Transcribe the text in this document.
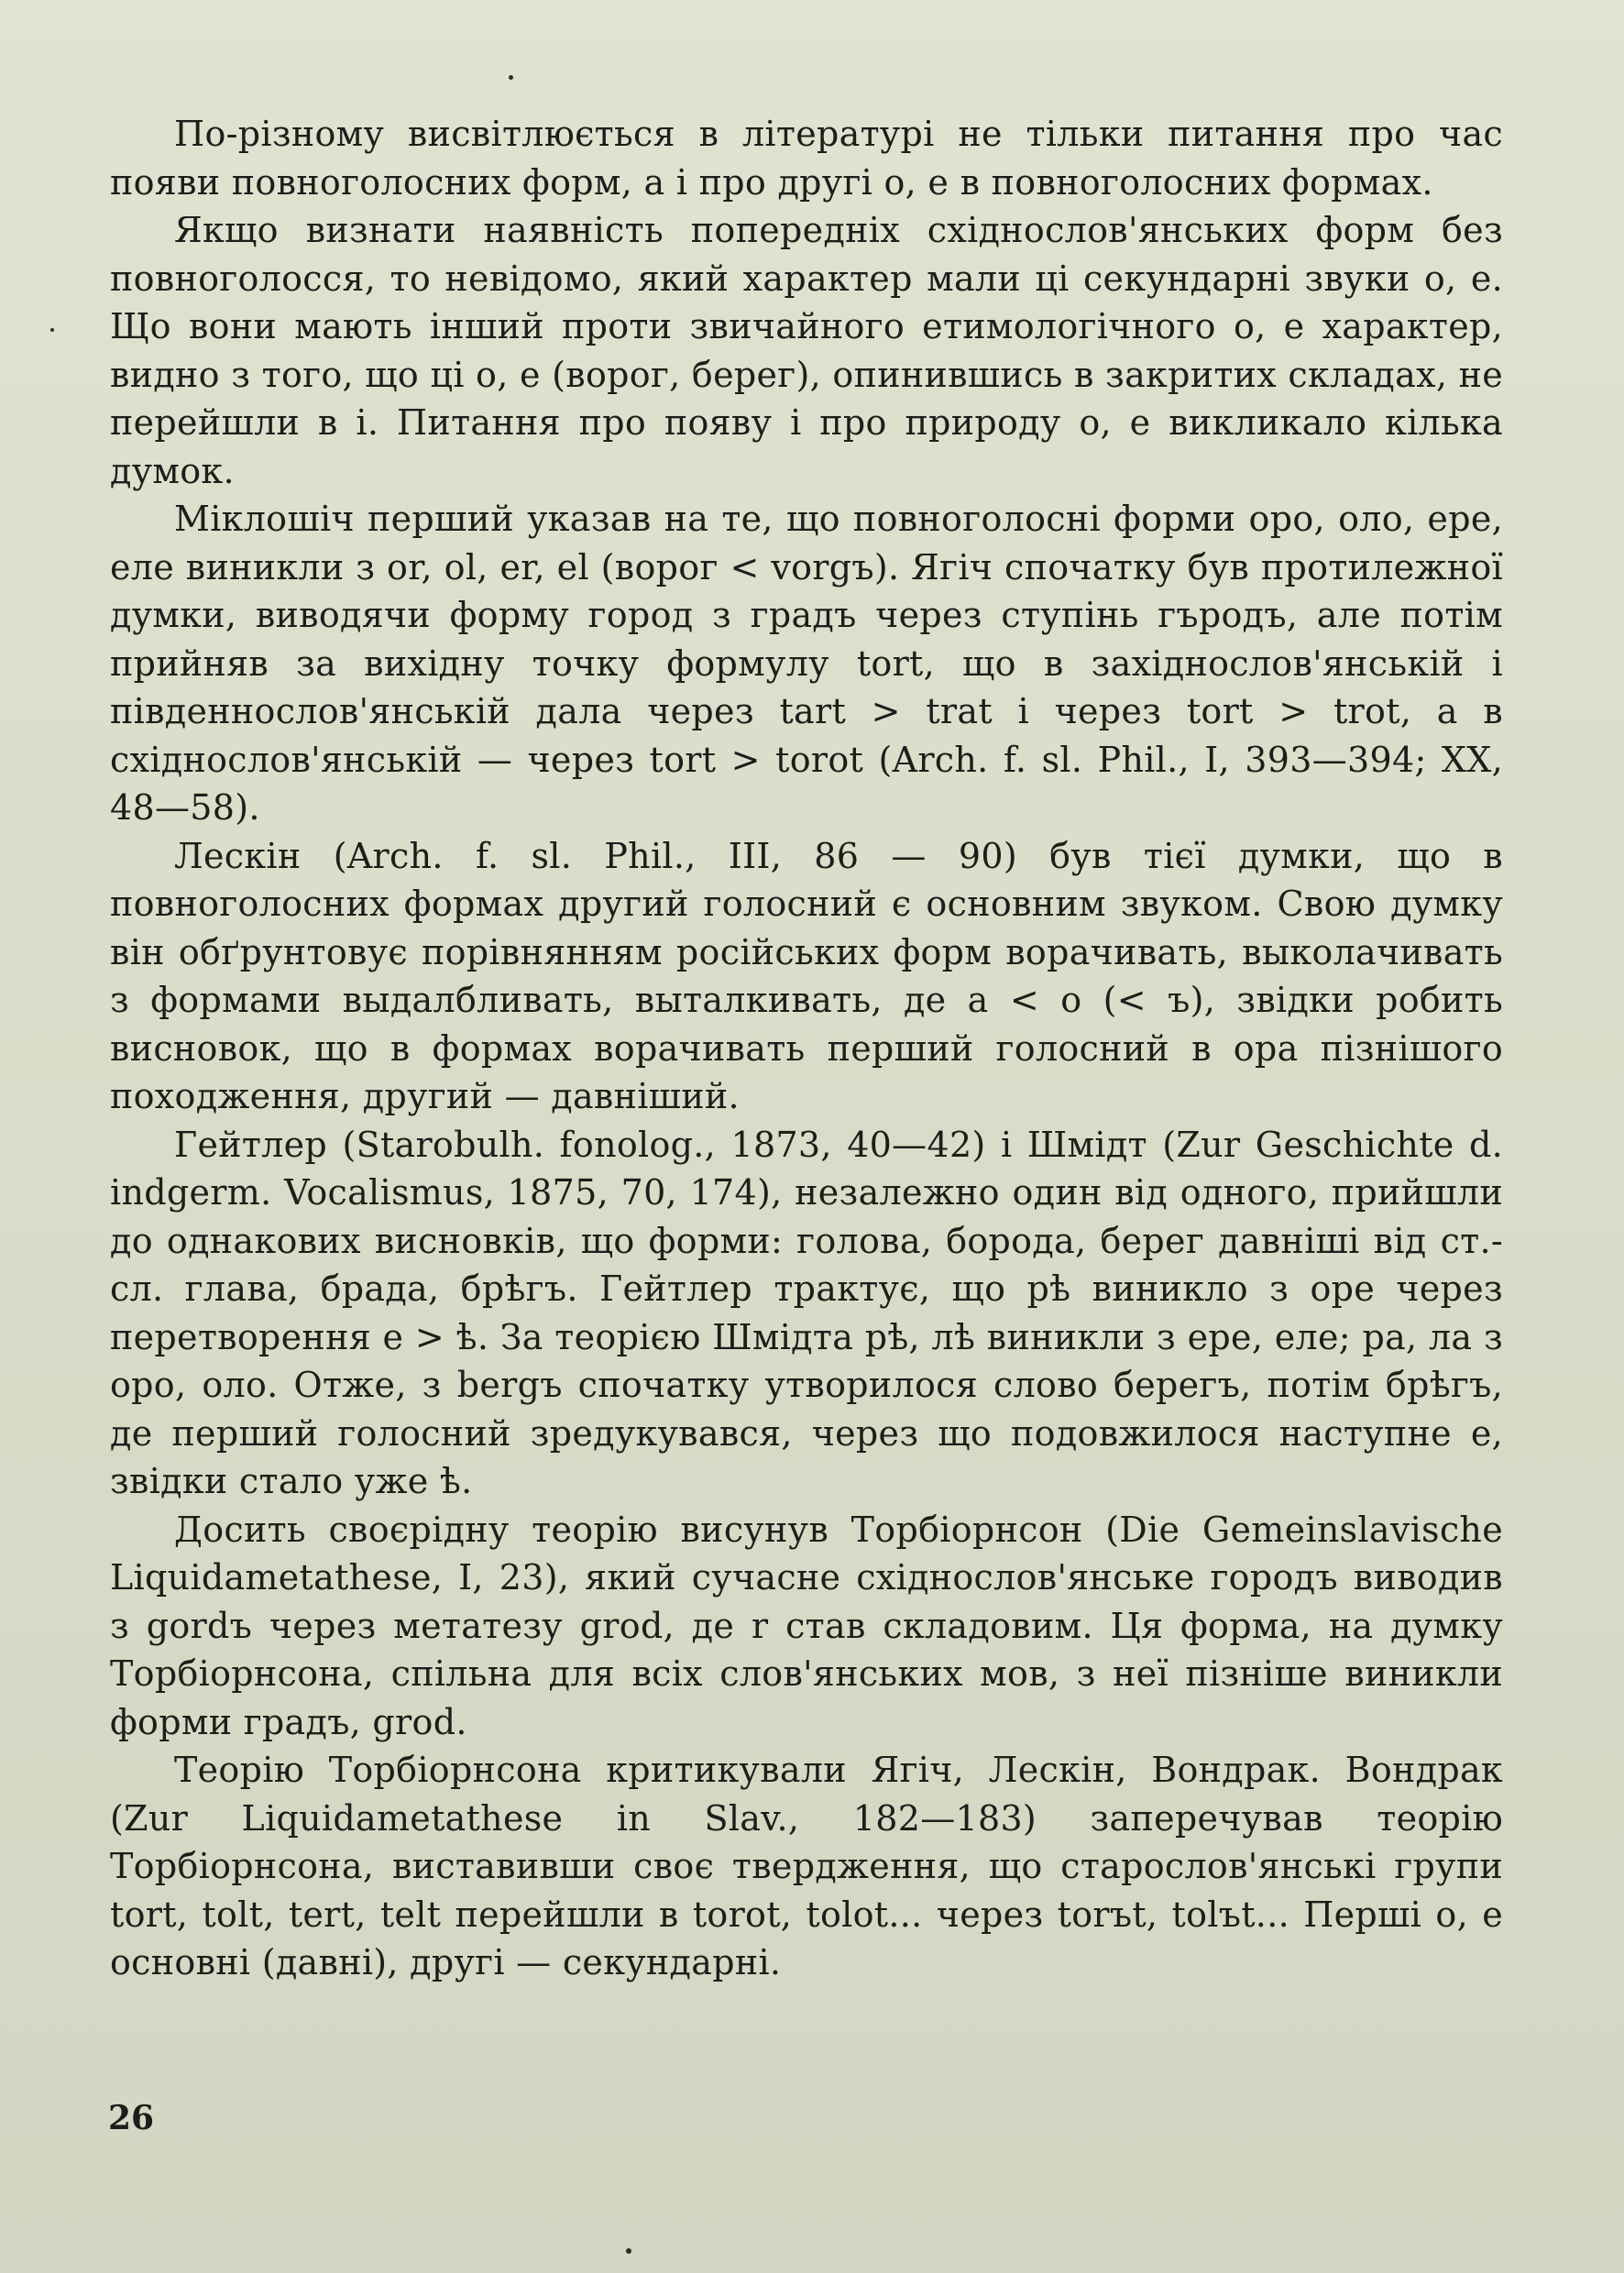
По-різному висвітлюється в літературі не тільки питання про час появи повноголосних форм, а і про другі о, е в повноголосних формах.

Якщо визнати наявність попередніх східнослов'янських форм без повноголосся, то невідомо, який характер мали ці секундарні звуки о, е. Що вони мають інший проти звичайного етимологічного о, е характер, видно з того, що ці о, е (ворог, берег), опинившись в закритих складах, не перейшли в і. Питання про появу і про природу о, е викликало кілька думок.

Міклошіч перший указав на те, що повноголосні форми оро, оло, ере, еле виникли з or, ol, er, el (ворог < vorgъ). Ягіч спочатку був протилежної думки, виводячи форму город з градъ через ступінь гъродъ, але потім прийняв за вихідну точку формулу tort, що в західнослов'янській і південнослов'янській дала через tart > trat і через tort > trot, а в східнослов'янській — через tort > torot (Arch. f. sl. Phil., I, 393—394; XX, 48—58).

Лескін (Arch. f. sl. Phil., III, 86 — 90) був тієї думки, що в повноголосних формах другий голосний є основним звуком. Свою думку він обґрунтовує порівнянням російських форм ворачивать, выколачивать з формами выдалбливать, выталкивать, де а < о (< ъ), звідки робить висновок, що в формах ворачивать перший голосний в ора пізнішого походження, другий — давніший.

Гейтлер (Starobulh. fonolog., 1873, 40—42) і Шмідт (Zur Geschichte d. indgerm. Vocalismus, 1875, 70, 174), незалежно один від одного, прийшли до однакових висновків, що форми: голова, борода, берег давніші від ст.-сл. глава, брада, брѣгъ. Гейтлер трактує, що рѣ виникло з оре через перетворення е > ѣ. За теорією Шмідта рѣ, лѣ виникли з ере, еле; ра, ла з оро, оло. Отже, з bergъ спочатку утворилося слово берегъ, потім брѣгъ, де перший голосний зредукувався, через що подовжилося наступне е, звідки стало уже ѣ.

Досить своєрідну теорію висунув Торбіорнсон (Die Gemeinslavische Liquidametathese, I, 23), який сучасне східнослов'янське городъ виводив з gordъ через метатезу grod, де r став складовим. Ця форма, на думку Торбіорнсона, спільна для всіх слов'янських мов, з неї пізніше виникли форми градъ, grod.

Теорію Торбіорнсона критикували Ягіч, Лескін, Вондрак. Вондрак (Zur Liquidametathese in Slav., 182—183) заперечував теорію Торбіорнсона, виставивши своє твердження, що старослов'янські групи tort, tolt, tert, telt перейшли в torot, tolot... через torъt, tolъt... Перші о, е основні (давні), другі — секундарні.

26
